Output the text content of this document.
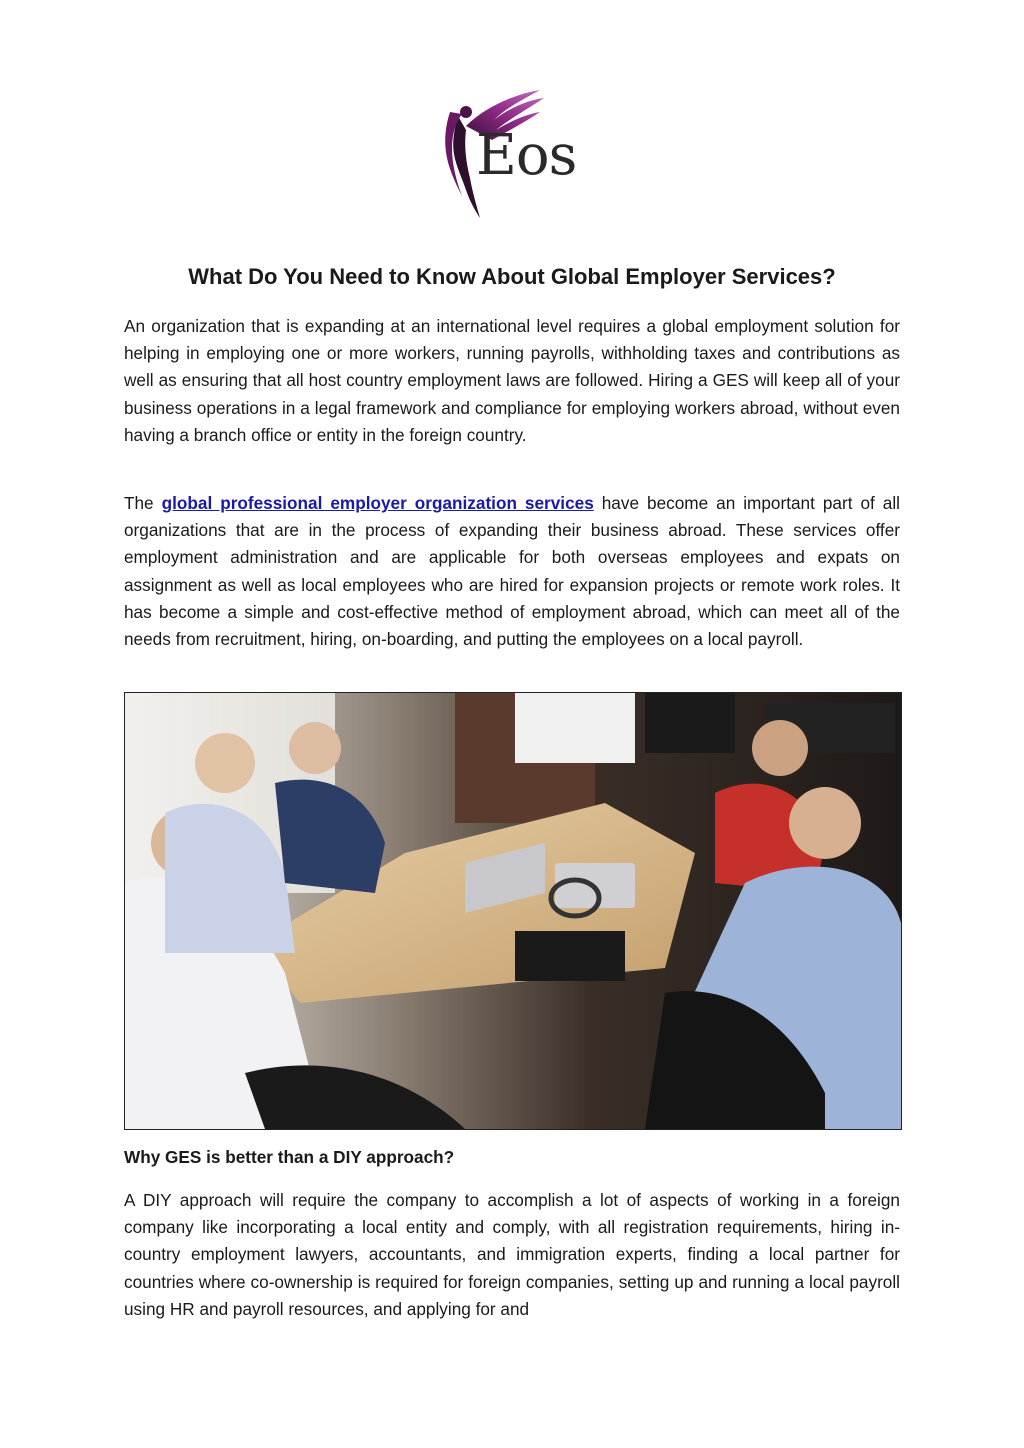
Eos
What Do You Need to Know About Global Employer Services?

An organization that is expanding at an international level requires a global employment solution for helping in employing one or more workers, running payrolls, withholding taxes and contributions as well as ensuring that all host country employment laws are followed. Hiring a GES will keep all of your business operations in a legal framework and compliance for employing workers abroad, without even having a branch office or entity in the foreign country.

The global professional employer organization services have become an important part of all organizations that are in the process of expanding their business abroad. These services offer employment administration and are applicable for both overseas employees and expats on assignment as well as local employees who are hired for expansion projects or remote work roles. It has become a simple and cost-effective method of employment abroad, which can meet all of the needs from recruitment, hiring, on-boarding, and putting the employees on a local payroll.

Why GES is better than a DIY approach?

A DIY approach will require the company to accomplish a lot of aspects of working in a foreign company like incorporating a local entity and comply, with all registration requirements, hiring in-country employment lawyers, accountants, and immigration experts, finding a local partner for countries where co-ownership is required for foreign companies, setting up and running a local payroll using HR and payroll resources, and applying for and
